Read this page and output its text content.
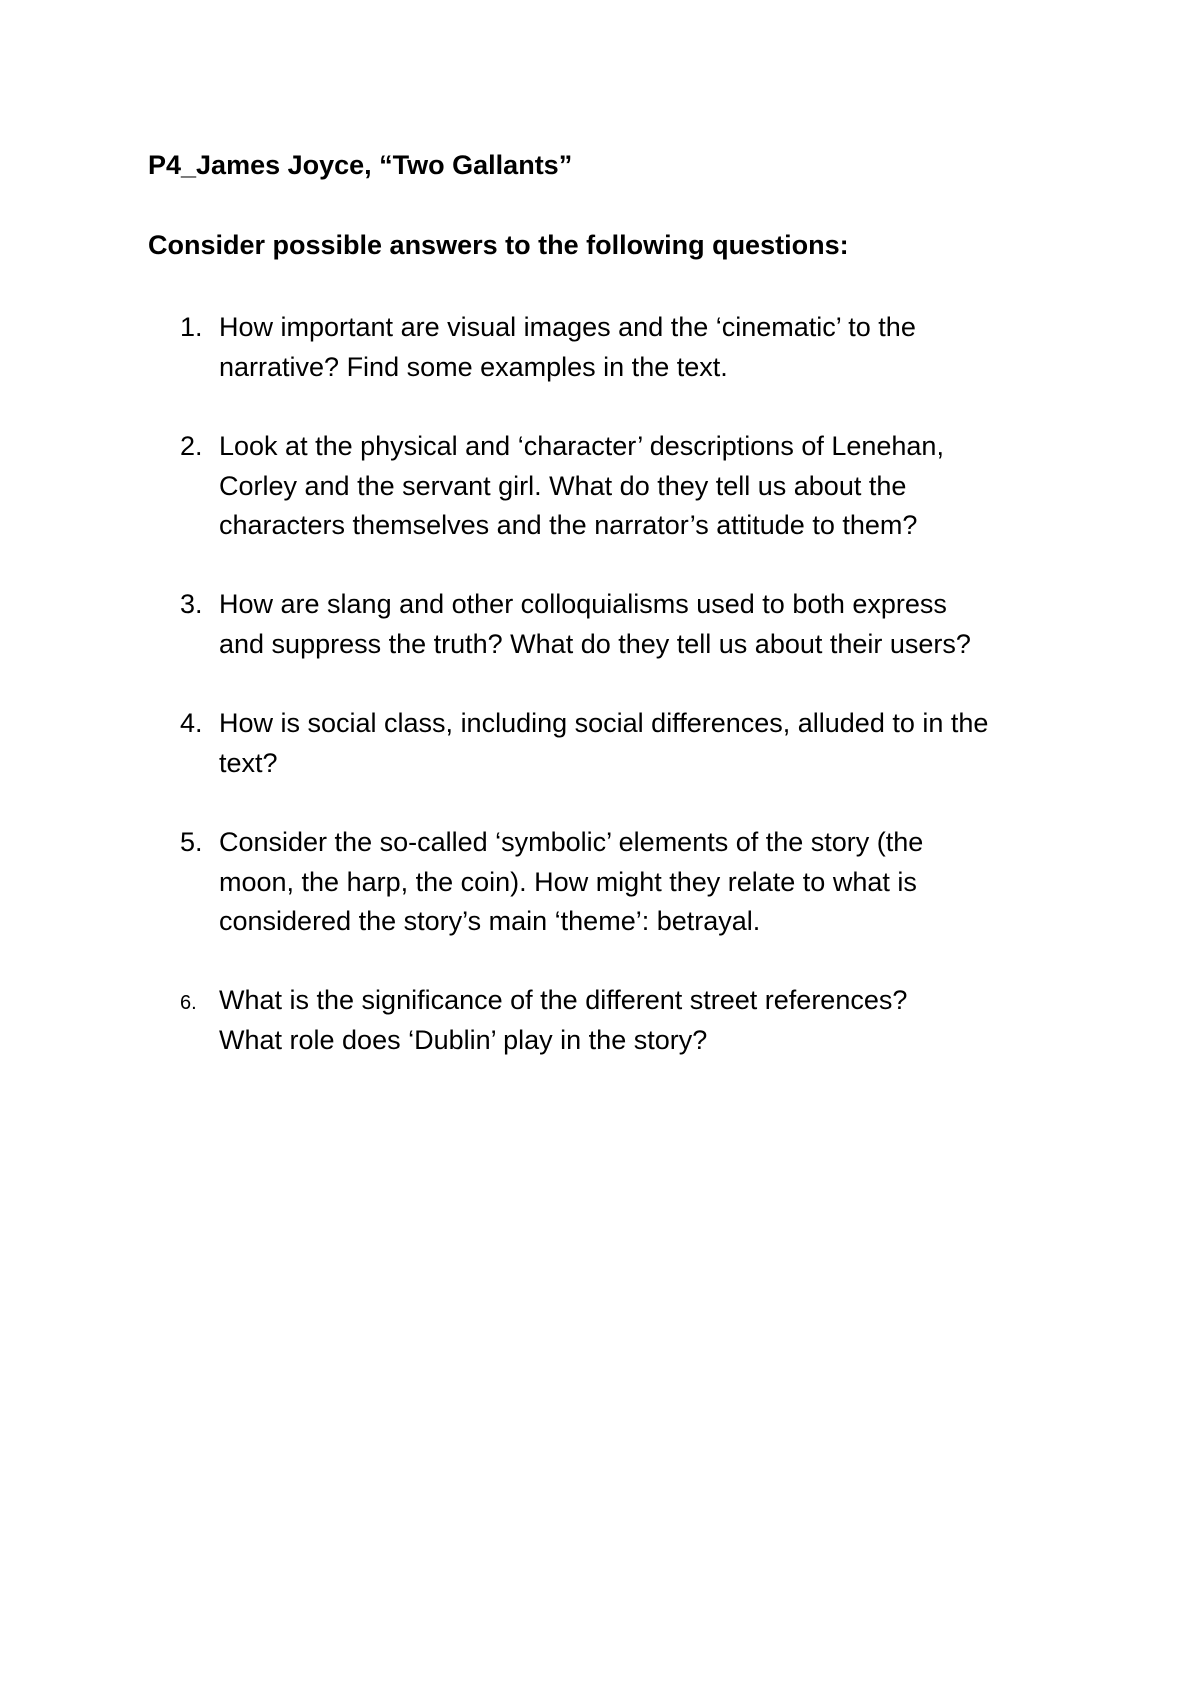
P4_James Joyce, “Two Gallants”
Consider possible answers to the following questions:
1. How important are visual images and the ‘cinematic’ to the
narrative? Find some examples in the text.
2. Look at the physical and ‘character’ descriptions of Lenehan,
Corley and the servant girl. What do they tell us about the
characters themselves and the narrator’s attitude to them?
3. How are slang and other colloquialisms used to both express
and suppress the truth? What do they tell us about their users?
4. How is social class, including social differences, alluded to in the
text?
5. Consider the so-called ‘symbolic’ elements of the story (the
moon, the harp, the coin). How might they relate to what is
considered the story’s main ‘theme’: betrayal.
6. What is the significance of the different street references?
What role does ‘Dublin’ play in the story?
